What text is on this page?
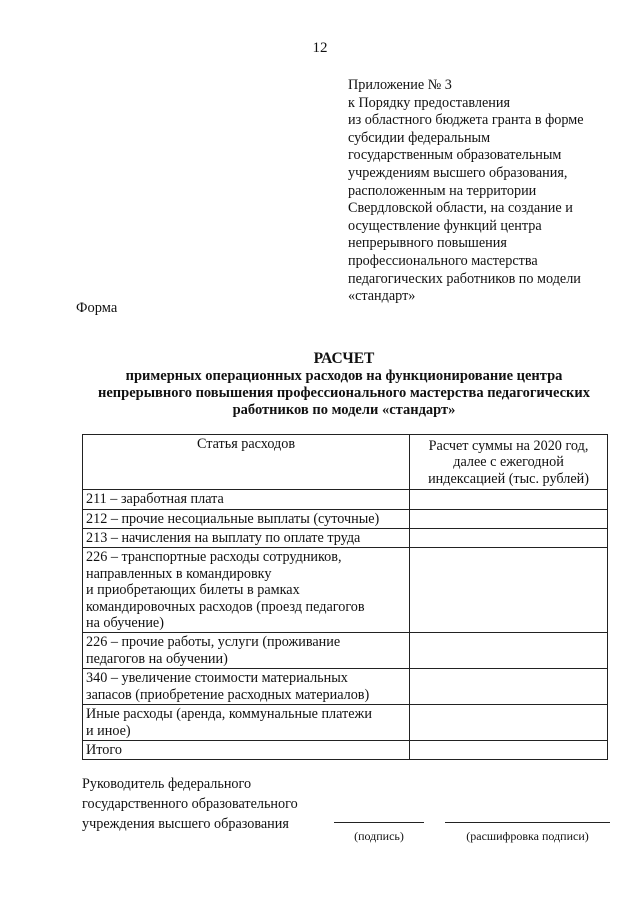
12
Приложение № 3
к Порядку предоставления
из областного бюджета гранта в форме
субсидии федеральным
государственным образовательным
учреждениям высшего образования,
расположенным на территории
Свердловской области, на создание и
осуществление функций центра
непрерывного повышения
профессионального мастерства
педагогических работников по модели
«стандарт»
Форма
РАСЧЕТ
примерных операционных расходов на функционирование центра
непрерывного повышения профессионального мастерства педагогических
работников по модели «стандарт»
Статья расходов	Расчет суммы на 2020 год,
далее с ежегодной
индексацией (тыс. рублей)

211 – заработная плата	

212 – прочие несоциальные выплаты (суточные)	

213 – начисления на выплату по оплате труда	

226 – транспортные расходы сотрудников,
направленных в командировку
и приобретающих билеты в рамках
командировочных расходов (проезд педагогов
на обучение)	

226 – прочие работы, услуги (проживание
педагогов на обучении)	

340 – увеличение стоимости материальных
запасов (приобретение расходных материалов)	

Иные расходы (аренда, коммунальные платежи
и иное)	

Итого	

Руководитель федерального
государственного образовательного
учреждения высшего образования
(подпись)	(расшифровка подписи)
